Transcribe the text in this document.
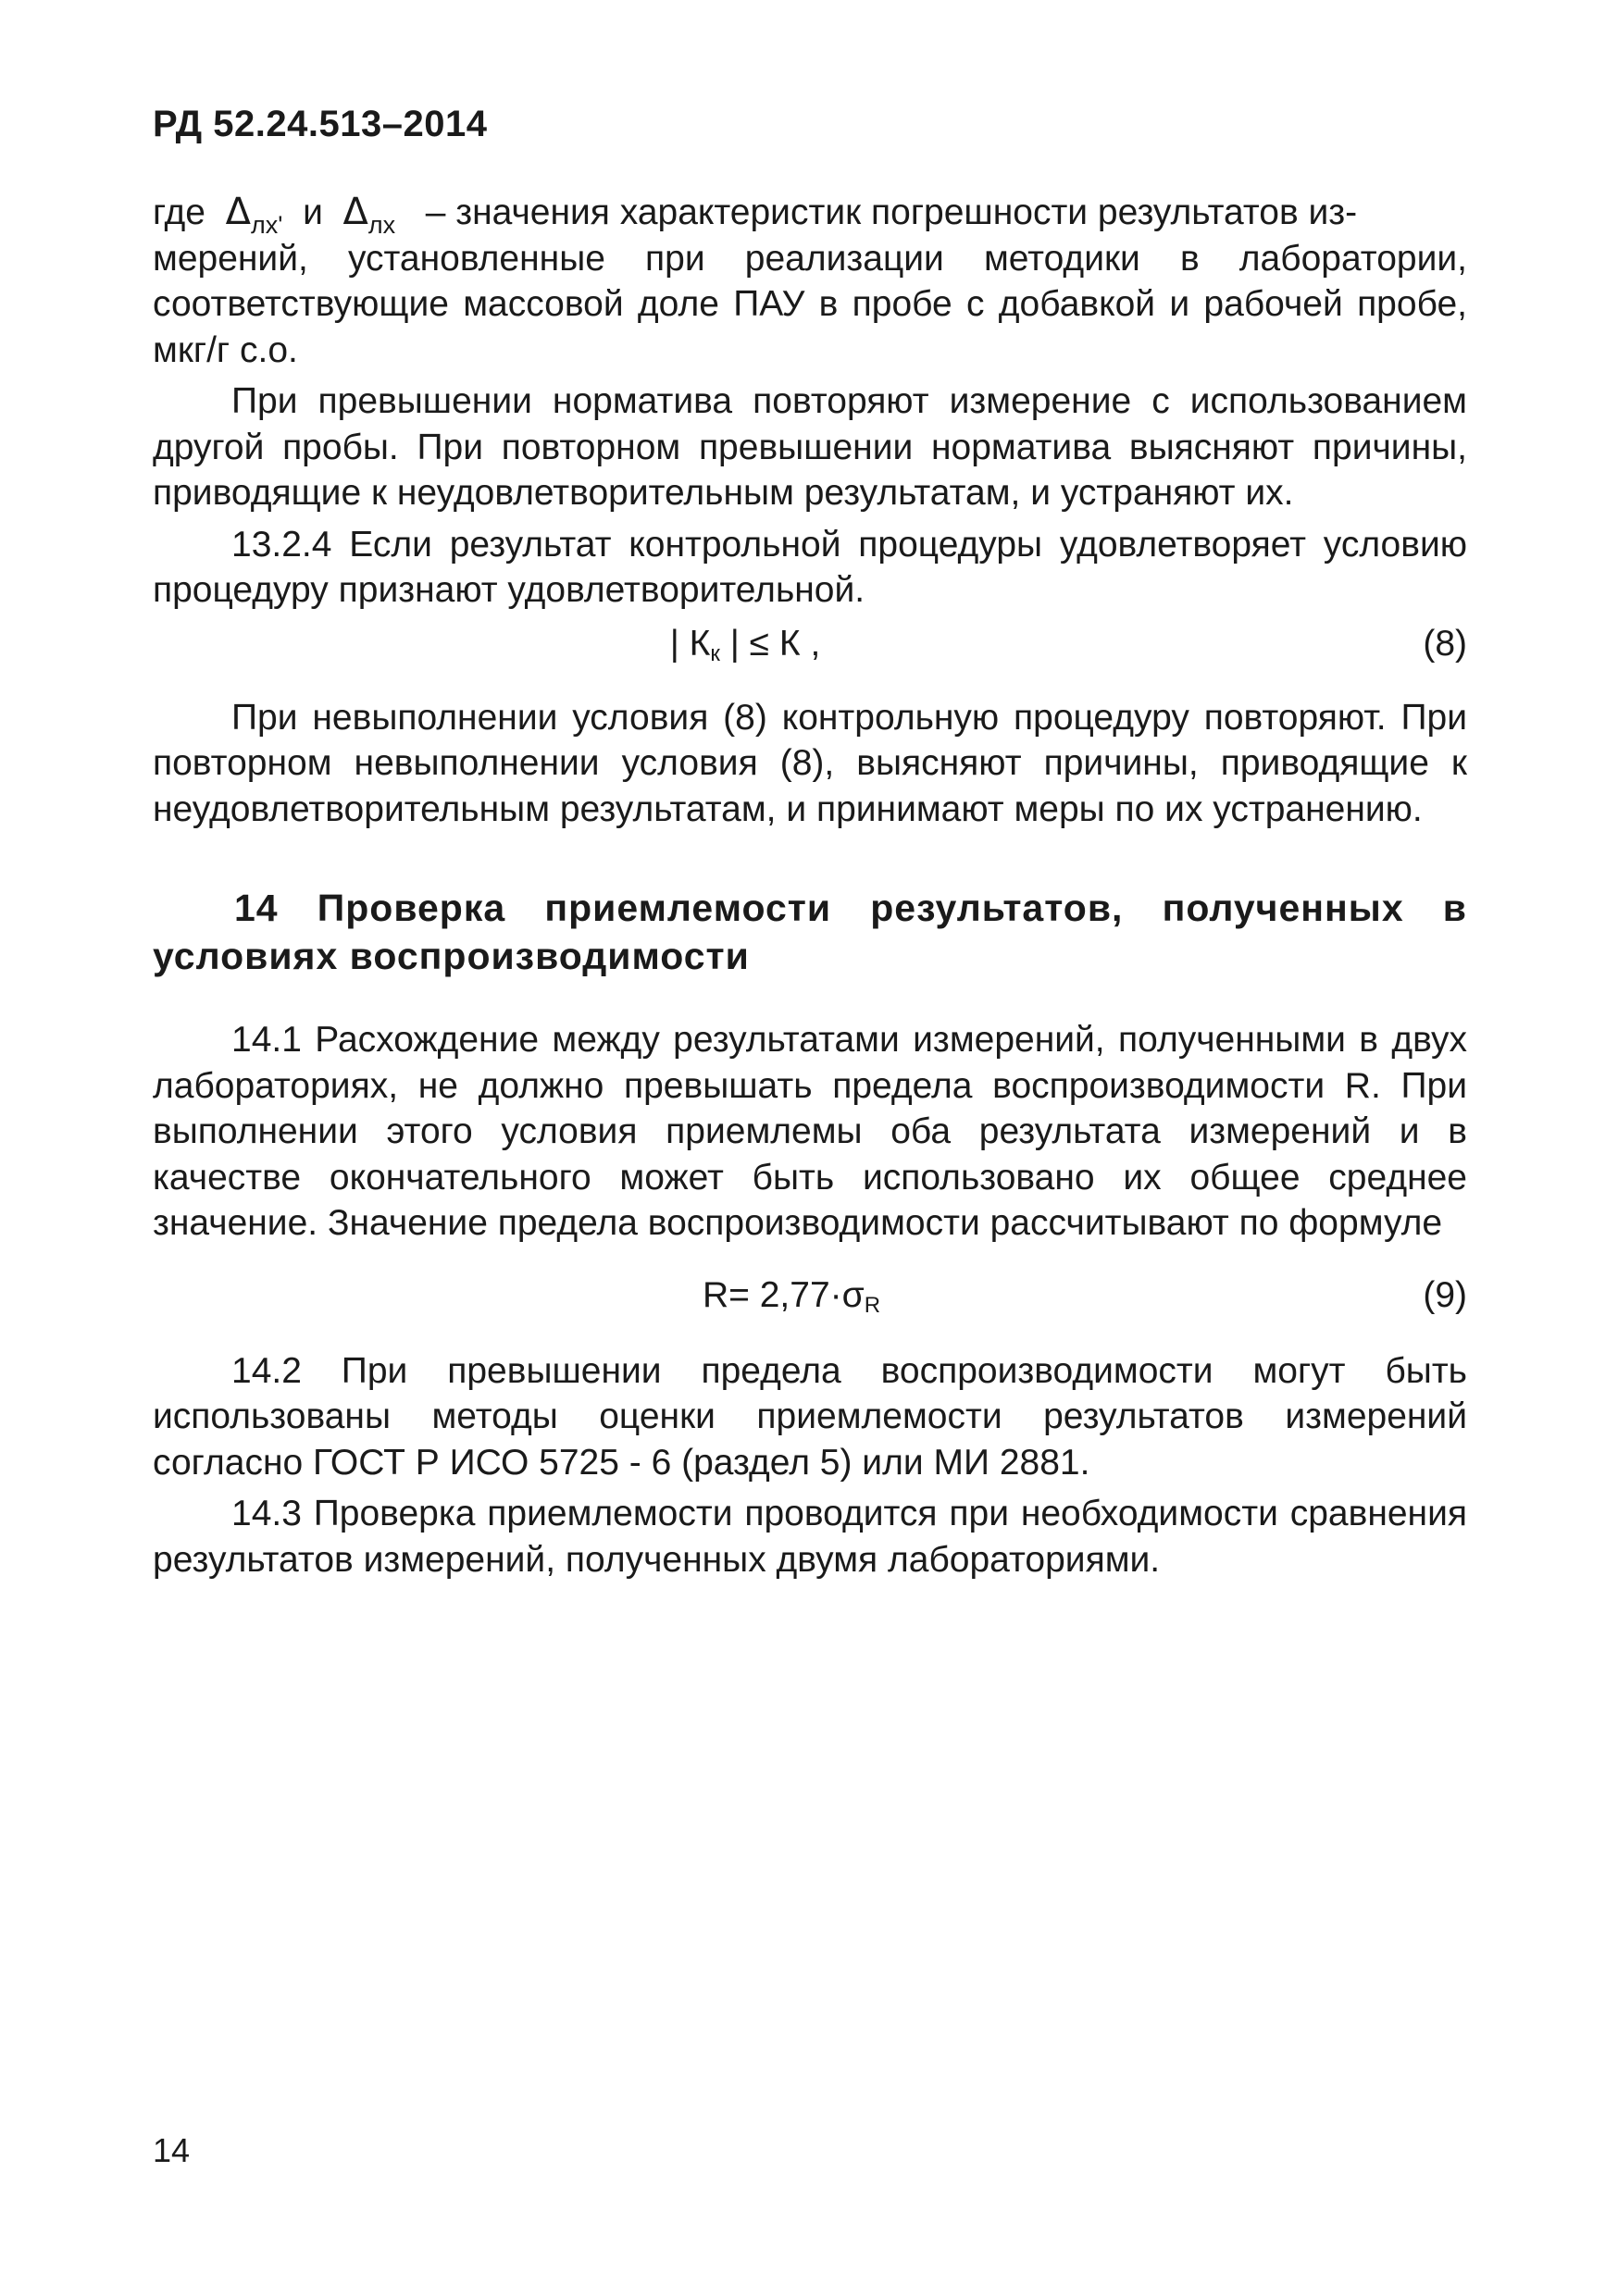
РД 52.24.513–2014

где $\Delta_{лх'}$ и $\Delta_{лх}$ – значения характеристик погрешности результатов из-
мерений, установленные при реализации методики в лаборатории, соответствующие массовой доле ПАУ в пробе с добавкой и рабочей пробе, мкг/г с.о.

При превышении норматива повторяют измерение с использованием другой пробы. При повторном превышении норматива выясняют причины, приводящие к неудовлетворительным результатам, и устраняют их.

13.2.4 Если результат контрольной процедуры удовлетворяет условию процедуру признают удовлетворительной.

| Кк | ≤ К ,	(8)

При невыполнении условия (8) контрольную процедуру повторяют. При повторном невыполнении условия (8), выясняют причины, приводящие к неудовлетворительным результатам, и принимают меры по их устранению.

14 Проверка приемлемости результатов, полученных в условиях воспроизводимости

14.1 Расхождение между результатами измерений, полученными в двух лабораториях, не должно превышать предела воспроизводимости R. При выполнении этого условия приемлемы оба результата измерений и в качестве окончательного может быть использовано их общее среднее значение. Значение предела воспроизводимости рассчитывают по формуле

R= 2,77·σR	(9)

14.2 При превышении предела воспроизводимости могут быть использованы методы оценки приемлемости результатов измерений согласно ГОСТ Р ИСО 5725 - 6 (раздел 5) или МИ 2881.

14.3 Проверка приемлемости проводится при необходимости сравнения результатов измерений, полученных двумя лабораториями.

14
